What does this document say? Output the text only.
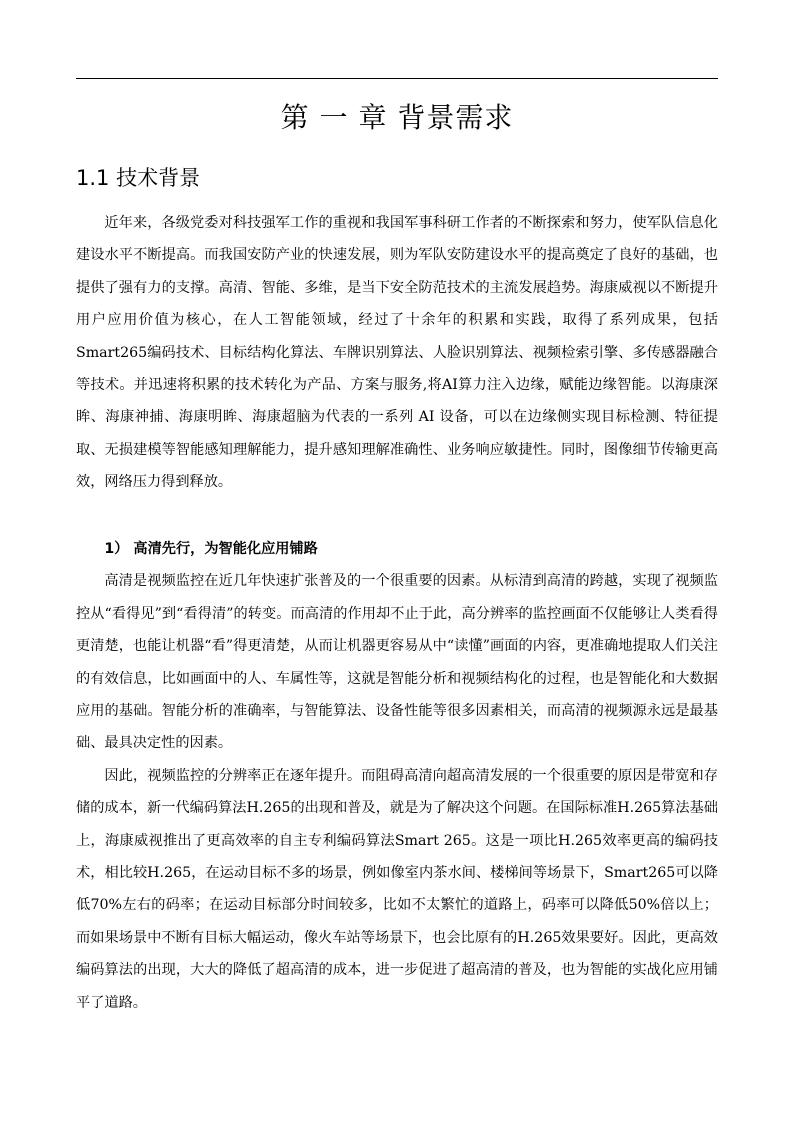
第 一 章 背景需求
1.1 技术背景

近年来，各级党委对科技强军工作的重视和我国军事科研工作者的不断探索和努力，使军队信息化建设水平不断提高。而我国安防产业的快速发展，则为军队安防建设水平的提高奠定了良好的基础，也提供了强有力的支撑。高清、智能、多维，是当下安全防范技术的主流发展趋势。海康威视以不断提升用户应用价值为核心，在人工智能领域，经过了十余年的积累和实践，取得了系列成果，包括Smart265编码技术、目标结构化算法、车牌识别算法、人脸识别算法、视频检索引擎、多传感器融合等技术。并迅速将积累的技术转化为产品、方案与服务,将AI算力注入边缘，赋能边缘智能。以海康深眸、海康神捕、海康明眸、海康超脑为代表的一系列 AI 设备，可以在边缘侧实现目标检测、特征提取、无损建模等智能感知理解能力，提升感知理解准确性、业务响应敏捷性。同时，图像细节传输更高效，网络压力得到释放。

1） 高清先行，为智能化应用铺路

高清是视频监控在近几年快速扩张普及的一个很重要的因素。从标清到高清的跨越，实现了视频监控从“看得见”到“看得清”的转变。而高清的作用却不止于此，高分辨率的监控画面不仅能够让人类看得更清楚，也能让机器“看”得更清楚，从而让机器更容易从中“读懂”画面的内容，更准确地提取人们关注的有效信息，比如画面中的人、车属性等，这就是智能分析和视频结构化的过程，也是智能化和大数据应用的基础。智能分析的准确率，与智能算法、设备性能等很多因素相关，而高清的视频源永远是最基础、最具决定性的因素。

因此，视频监控的分辨率正在逐年提升。而阻碍高清向超高清发展的一个很重要的原因是带宽和存储的成本，新一代编码算法H.265的出现和普及，就是为了解决这个问题。在国际标准H.265算法基础上，海康威视推出了更高效率的自主专利编码算法Smart 265。这是一项比H.265效率更高的编码技术，相比较H.265，在运动目标不多的场景，例如像室内茶水间、楼梯间等场景下，Smart265可以降低70%左右的码率；在运动目标部分时间较多，比如不太繁忙的道路上，码率可以降低50%倍以上；而如果场景中不断有目标大幅运动，像火车站等场景下，也会比原有的H.265效果要好。因此，更高效编码算法的出现，大大的降低了超高清的成本，进一步促进了超高清的普及，也为智能的实战化应用铺平了道路。
